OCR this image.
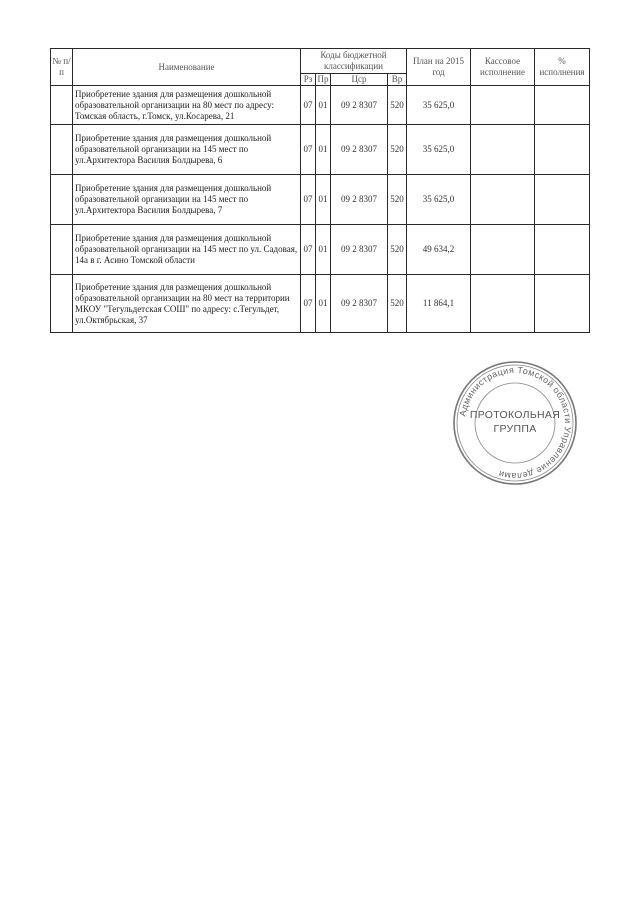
№ п/п	Наименование	Коды бюджетной классификации				План на 2015 год	Кассовое исполнение	% исполнения
		Рз	Пр	Цср	Вр			
	Приобретение здания для размещения дошкольной образовательной организации на 80 мест по адресу: Томская область, г.Томск, ул.Косарева, 21	07	01	09 2 8307	520	35 625,0		
	Приобретение здания для размещения дошкольной образовательной организации на 145 мест по ул.Архитектора Василия Болдырева, 6	07	01	09 2 8307	520	35 625,0		
	Приобретение здания для размещения дошкольной образовательной организации на 145 мест по ул.Архитектора Василия Болдырева, 7	07	01	09 2 8307	520	35 625,0		
	Приобретение здания для размещения дошкольной образовательной организации на 145 мест по ул. Садовая, 14а в г. Асино Томской области	07	01	09 2 8307	520	49 634,2		
	Приобретение здания для размещения дошкольной образовательной организации на 80 мест на территории МКОУ "Тегульдетская СОШ" по адресу: с.Тегульдет, ул.Октябрьская, 37	07	01	09 2 8307	520	11 864,1		
Администрация Томской области Управление делами
ПРОТОКОЛЬНАЯ
ГРУППА
